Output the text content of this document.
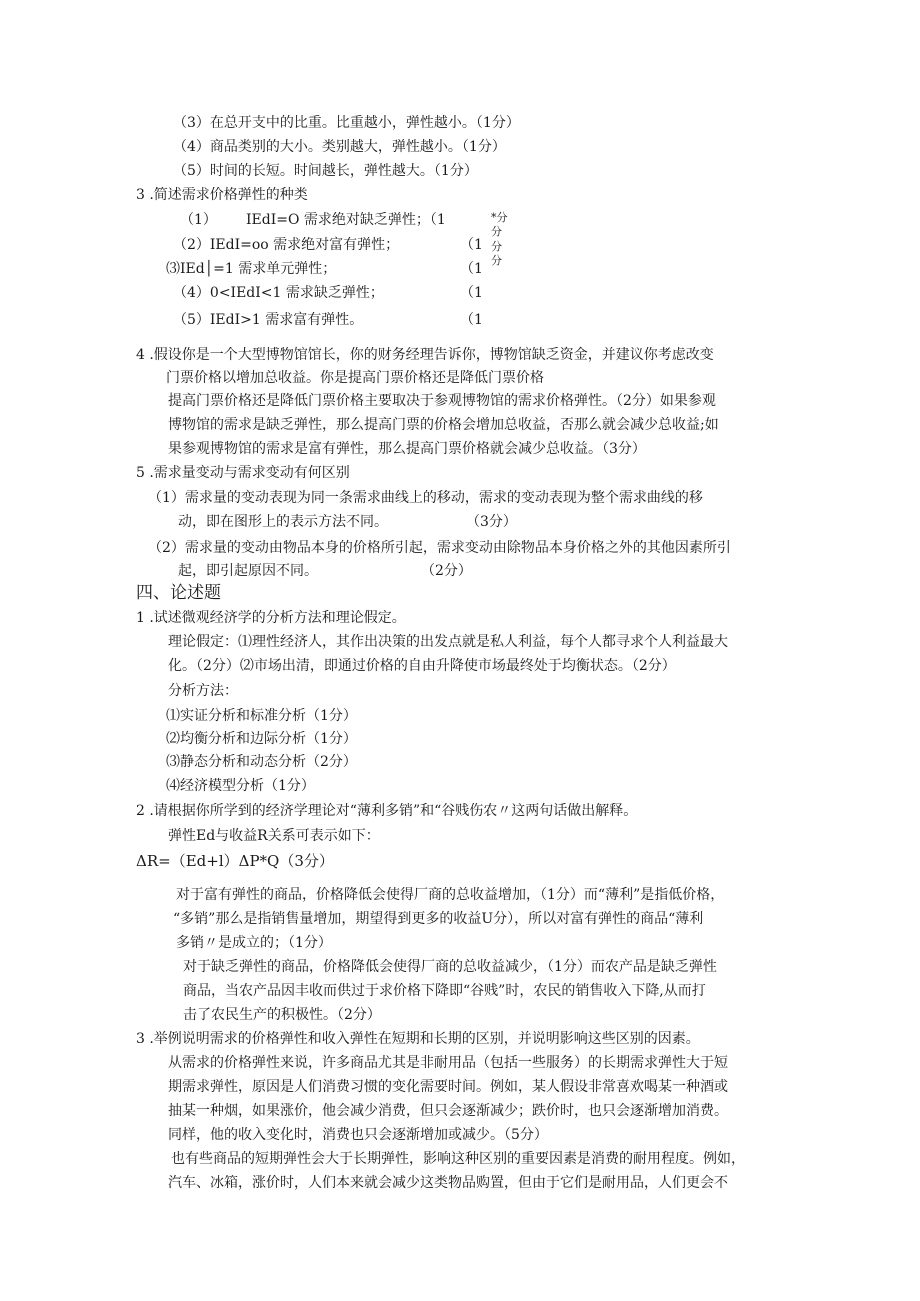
（3）在总开支中的比重。比重越小，弹性越小。（1分）
（4）商品类别的大小。类别越大，弹性越小。（1分）
（5）时间的长短。时间越长，弹性越大。（1分）
3 .简述需求价格弹性的种类
（1） IEdI=O 需求绝对缺乏弹性；（1
（2）IEdI=oo 需求绝对富有弹性；	（1
⑶IEd│=1 需求单元弹性；	（1
（4）0<IEdI<1 需求缺乏弹性；	（1
（5）IEdI>1 需求富有弹性。	（1
*分
分
分
分
4 .假设你是一个大型博物馆馆长，你的财务经理告诉你，博物馆缺乏资金，并建议你考虑改变
门票价格以增加总收益。你是提高门票价格还是降低门票价格
提高门票价格还是降低门票价格主要取决于参观博物馆的需求价格弹性。（2分）如果参观
博物馆的需求是缺乏弹性，那么提高门票的价格会增加总收益，否那么就会减少总收益;如
果参观博物馆的需求是富有弹性，那么提高门票价格就会减少总收益。（3分）
5 .需求量变动与需求变动有何区别
（1）需求量的变动表现为同一条需求曲线上的移动，需求的变动表现为整个需求曲线的移
动，即在图形上的表示方法不同。	（3分）
（2）需求量的变动由物品本身的价格所引起，需求变动由除物品本身价格之外的其他因素所引
起，即引起原因不同。	（2分）
四、论述题
1 .试述微观经济学的分析方法和理论假定。
理论假定：⑴理性经济人，其作出决策的出发点就是私人利益，每个人都寻求个人利益最大
化。（2分）⑵市场出清，即通过价格的自由升降使市场最终处于均衡状态。（2分）
分析方法：
⑴实证分析和标准分析（1分）
⑵均衡分析和边际分析（1分）
⑶静态分析和动态分析（2分）
⑷经济模型分析（1分）
2 .请根据你所学到的经济学理论对“薄利多销”和“谷贱伤农〃这两句话做出解释。
弹性Ed与收益R关系可表示如下：
ΔR=（Ed+l）ΔP*Q（3分）
对于富有弹性的商品，价格降低会使得厂商的总收益增加，（1分）而“薄利”是指低价格，
“多销”那么是指销售量增加，期望得到更多的收益U分），所以对富有弹性的商品“薄利
多销〃是成立的；（1分）
对于缺乏弹性的商品，价格降低会使得厂商的总收益减少，（1分）而农产品是缺乏弹性
商品，当农产品因丰收而供过于求价格下降即“谷贱”时，农民的销售收入下降,从而打
击了农民生产的积极性。（2分）
3 .举例说明需求的价格弹性和收入弹性在短期和长期的区别，并说明影响这些区别的因素。
从需求的价格弹性来说，许多商品尤其是非耐用品（包括一些服务）的长期需求弹性大于短
期需求弹性，原因是人们消费习惯的变化需要时间。例如，某人假设非常喜欢喝某一种酒或
抽某一种烟，如果涨价，他会减少消费，但只会逐渐减少；跌价时，也只会逐渐增加消费。
同样，他的收入变化时，消费也只会逐渐增加或减少。（5分）
也有些商品的短期弹性会大于长期弹性，影响这种区别的重要因素是消费的耐用程度。例如，
汽车、冰箱，涨价时，人们本来就会减少这类物品购置，但由于它们是耐用品，人们更会不
